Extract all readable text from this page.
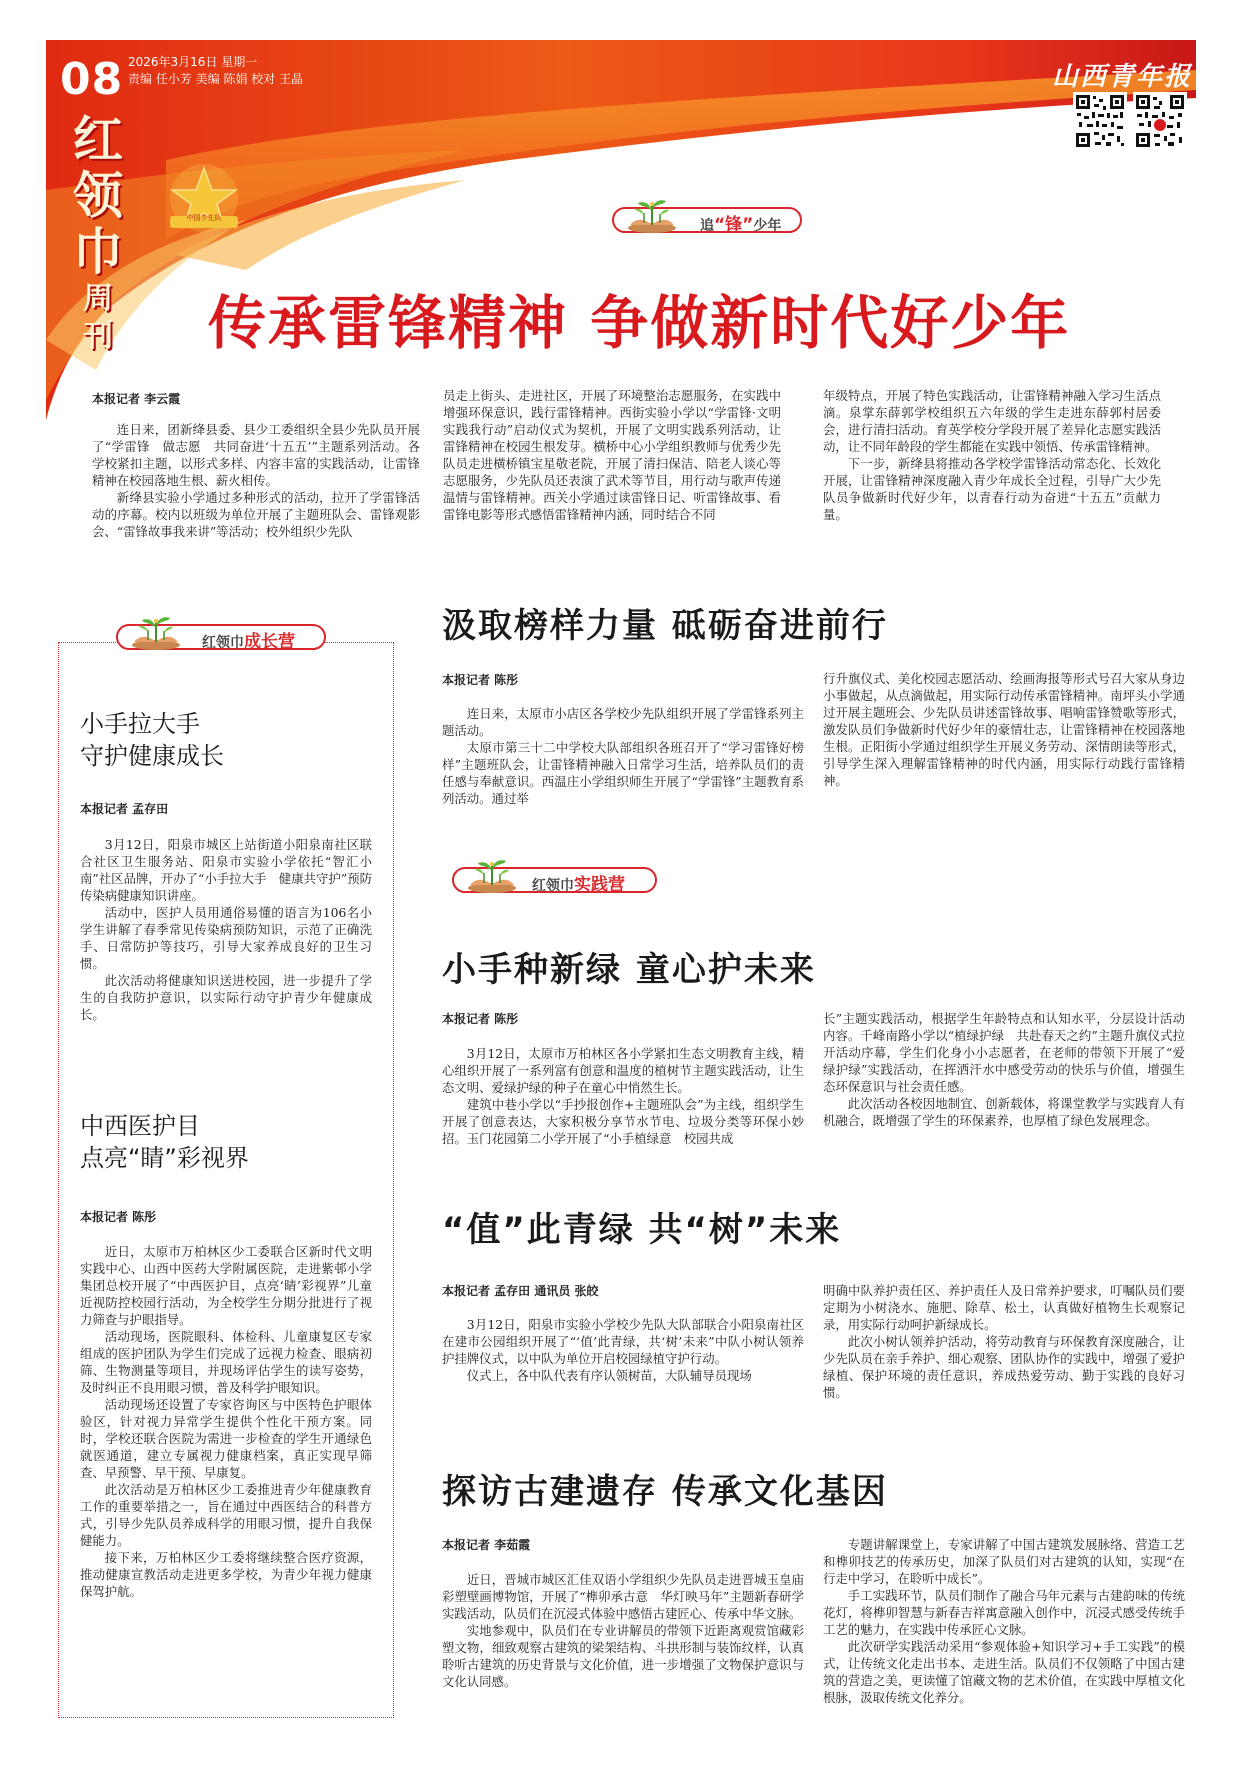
中国少先队
08 2026年3月16日 星期一
责编 任小芳 美编 陈娟 校对 王晶
红
领
巾
周
刊
山西青年报
追“锋”少年
传承雷锋精神 争做新时代好少年
本报记者 李云霞

连日来，团新绛县委、县少工委组织全县少先队员开展了“学雷锋　做志愿　共同奋进‘十五五’”主题系列活动。各学校紧扣主题，以形式多样、内容丰富的实践活动，让雷锋精神在校园落地生根、薪火相传。

新绛县实验小学通过多种形式的活动，拉开了学雷锋活动的序幕。校内以班级为单位开展了主题班队会、雷锋观影会、“雷锋故事我来讲”等活动；校外组织少先队

员走上街头、走进社区，开展了环境整治志愿服务，在实践中增强环保意识，践行雷锋精神。西街实验小学以“学雷锋·文明实践我行动”启动仪式为契机，开展了文明实践系列活动，让雷锋精神在校园生根发芽。横桥中心小学组织教师与优秀少先队员走进横桥镇宝星敬老院，开展了清扫保洁、陪老人谈心等志愿服务，少先队员还表演了武术等节目，用行动与歌声传递温情与雷锋精神。西关小学通过读雷锋日记、听雷锋故事、看雷锋电影等形式感悟雷锋精神内涵，同时结合不同

年级特点，开展了特色实践活动，让雷锋精神融入学习生活点滴。泉掌东薛郭学校组织五六年级的学生走进东薛郭村居委会，进行清扫活动。育英学校分学段开展了差异化志愿实践活动，让不同年龄段的学生都能在实践中领悟、传承雷锋精神。

下一步，新绛县将推动各学校学雷锋活动常态化、长效化开展，让雷锋精神深度融入青少年成长全过程，引导广大少先队员争做新时代好少年，以青春行动为奋进“十五五”贡献力量。

红领巾成长营
小手拉大手
守护健康成长
本报记者 孟存田

3月12日，阳泉市城区上站街道小阳泉南社区联合社区卫生服务站、阳泉市实验小学依托“智汇小南”社区品牌，开办了“小手拉大手　健康共守护”预防传染病健康知识讲座。

活动中，医护人员用通俗易懂的语言为106名小学生讲解了春季常见传染病预防知识，示范了正确洗手、日常防护等技巧，引导大家养成良好的卫生习惯。

此次活动将健康知识送进校园，进一步提升了学生的自我防护意识，以实际行动守护青少年健康成长。

中西医护目
点亮“睛”彩视界
本报记者 陈彤

近日，太原市万柏林区少工委联合区新时代文明实践中心、山西中医药大学附属医院，走进紫邨小学集团总校开展了“中西医护目，点亮‘睛’彩视界”儿童近视防控校园行活动，为全校学生分期分批进行了视力筛查与护眼指导。

活动现场，医院眼科、体检科、儿童康复区专家组成的医护团队为学生们完成了远视力检查、眼病初筛、生物测量等项目，并现场评估学生的读写姿势，及时纠正不良用眼习惯，普及科学护眼知识。

活动现场还设置了专家咨询区与中医特色护眼体验区，针对视力异常学生提供个性化干预方案。同时，学校还联合医院为需进一步检查的学生开通绿色就医通道，建立专属视力健康档案，真正实现早筛查、早预警、早干预、早康复。

此次活动是万柏林区少工委推进青少年健康教育工作的重要举措之一，旨在通过中西医结合的科普方式，引导少先队员养成科学的用眼习惯，提升自我保健能力。

接下来，万柏林区少工委将继续整合医疗资源，推动健康宣教活动走进更多学校，为青少年视力健康保驾护航。

汲取榜样力量 砥砺奋进前行
本报记者 陈彤

连日来，太原市小店区各学校少先队组织开展了学雷锋系列主题活动。

太原市第三十二中学校大队部组织各班召开了“学习雷锋好榜样”主题班队会，让雷锋精神融入日常学习生活，培养队员们的责任感与奉献意识。西温庄小学组织师生开展了“学雷锋”主题教育系列活动。通过举

行升旗仪式、美化校园志愿活动、绘画海报等形式号召大家从身边小事做起，从点滴做起，用实际行动传承雷锋精神。南坪头小学通过开展主题班会、少先队员讲述雷锋故事、唱响雷锋赞歌等形式，激发队员们争做新时代好少年的豪情壮志，让雷锋精神在校园落地生根。正阳街小学通过组织学生开展义务劳动、深情朗读等形式，引导学生深入理解雷锋精神的时代内涵，用实际行动践行雷锋精神。

红领巾实践营
小手种新绿 童心护未来
本报记者 陈彤

3月12日，太原市万柏林区各小学紧扣生态文明教育主线，精心组织开展了一系列富有创意和温度的植树节主题实践活动，让生态文明、爱绿护绿的种子在童心中悄然生长。

建筑中巷小学以“手抄报创作+主题班队会”为主线，组织学生开展了创意表达，大家积极分享节水节电、垃圾分类等环保小妙招。玉门花园第二小学开展了“小手植绿意　校园共成

长”主题实践活动，根据学生年龄特点和认知水平，分层设计活动内容。千峰南路小学以“植绿护绿　共赴春天之约”主题升旗仪式拉开活动序幕，学生们化身小小志愿者，在老师的带领下开展了“爱绿护绿”实践活动，在挥洒汗水中感受劳动的快乐与价值，增强生态环保意识与社会责任感。

此次活动各校因地制宜、创新载体，将课堂教学与实践育人有机融合，既增强了学生的环保素养，也厚植了绿色发展理念。

“值”此青绿 共“树”未来
本报记者 孟存田 通讯员 张皎

3月12日，阳泉市实验小学校少先队大队部联合小阳泉南社区在建市公园组织开展了“‘值’此青绿，共‘树’未来”中队小树认领养护挂牌仪式，以中队为单位开启校园绿植守护行动。

仪式上，各中队代表有序认领树苗，大队辅导员现场

明确中队养护责任区、养护责任人及日常养护要求，叮嘱队员们要定期为小树浇水、施肥、除草、松土，认真做好植物生长观察记录，用实际行动呵护新绿成长。

此次小树认领养护活动，将劳动教育与环保教育深度融合，让少先队员在亲手养护、细心观察、团队协作的实践中，增强了爱护绿植、保护环境的责任意识，养成热爱劳动、勤于实践的良好习惯。

探访古建遗存 传承文化基因
本报记者 李茹霞

近日，晋城市城区汇佳双语小学组织少先队员走进晋城玉皇庙彩塑壁画博物馆，开展了“榫卯承古意　华灯映马年”主题新春研学实践活动，队员们在沉浸式体验中感悟古建匠心、传承中华文脉。

实地参观中，队员们在专业讲解员的带领下近距离观赏馆藏彩塑文物，细致观察古建筑的梁架结构、斗拱形制与装饰纹样，认真聆听古建筑的历史背景与文化价值，进一步增强了文物保护意识与文化认同感。

专题讲解课堂上，专家讲解了中国古建筑发展脉络、营造工艺和榫卯技艺的传承历史，加深了队员们对古建筑的认知，实现“在行走中学习，在聆听中成长”。

手工实践环节，队员们制作了融合马年元素与古建韵味的传统花灯，将榫卯智慧与新春吉祥寓意融入创作中，沉浸式感受传统手工艺的魅力，在实践中传承匠心文脉。

此次研学实践活动采用“参观体验+知识学习+手工实践”的模式，让传统文化走出书本、走进生活。队员们不仅领略了中国古建筑的营造之美，更读懂了馆藏文物的艺术价值，在实践中厚植文化根脉，汲取传统文化养分。
